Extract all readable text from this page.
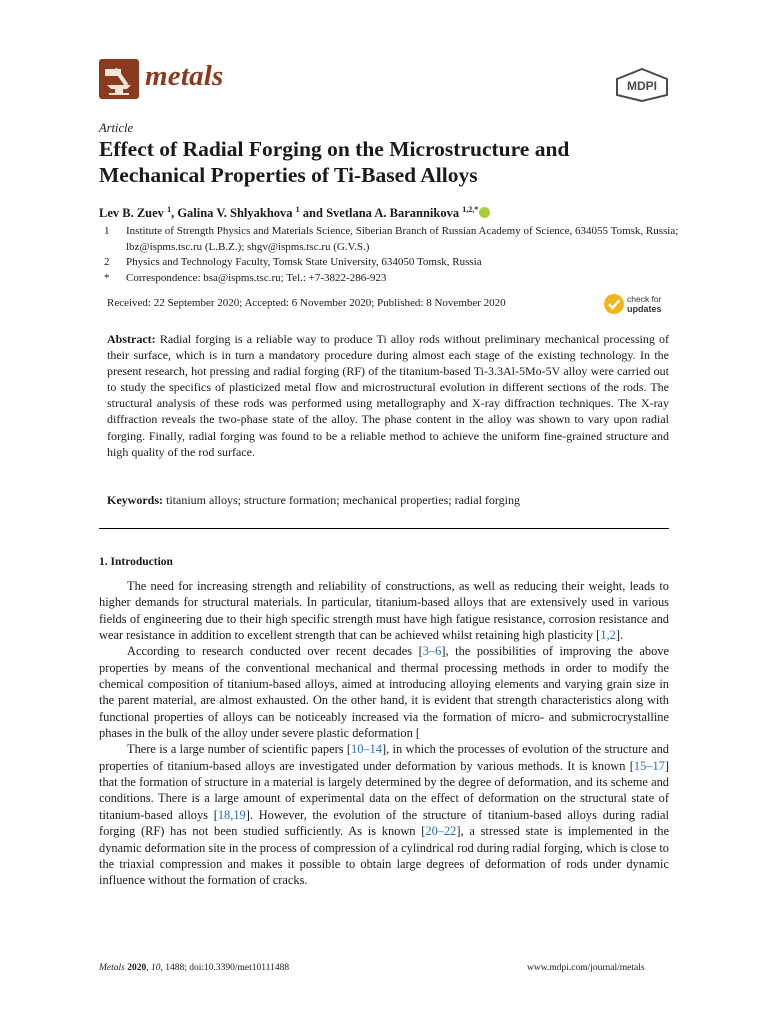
metals	MDPI
Article
Effect of Radial Forging on the Microstructure and Mechanical Properties of Ti-Based Alloys
Lev B. Zuev $^1$, Galina V. Shlyakhova $^1$ and Svetlana A. Barannikova $^{1,2,*}$
1	Institute of Strength Physics and Materials Science, Siberian Branch of Russian Academy of Science, 634055 Tomsk, Russia; lbz@ispms.tsc.ru (L.B.Z.); shgv@ispms.tsc.ru (G.V.S.)
2	Physics and Technology Faculty, Tomsk State University, 634050 Tomsk, Russia
*	Correspondence: bsa@ispms.tsc.ru; Tel.: +7-3822-286-923
Received: 22 September 2020; Accepted: 6 November 2020; Published: 8 November 2020	check for
updates
Abstract: Radial forging is a reliable way to produce Ti alloy rods without preliminary mechanical processing of their surface, which is in turn a mandatory procedure during almost each stage of the existing technology. In the present research, hot pressing and radial forging (RF) of the titanium-based Ti-3.3Al-5Mo-5V alloy were carried out to study the specifics of plasticized metal flow and microstructural evolution in different sections of the rods. The structural analysis of these rods was performed using metallography and X-ray diffraction techniques. The X-ray diffraction reveals the two-phase state of the alloy. The phase content in the alloy was shown to vary upon radial forging. Finally, radial forging was found to be a reliable method to achieve the uniform fine-grained structure and high quality of the rod surface.
Keywords: titanium alloys; structure formation; mechanical properties; radial forging
1. Introduction

The need for increasing strength and reliability of constructions, as well as reducing their weight, leads to higher demands for structural materials. In particular, titanium-based alloys that are extensively used in various fields of engineering due to their high specific strength must have high fatigue resistance, corrosion resistance and wear resistance in addition to excellent strength that can be achieved whilst retaining high plasticity [1,2].

According to research conducted over recent decades [3–6], the possibilities of improving the above properties by means of the conventional mechanical and thermal processing methods in order to modify the chemical composition of titanium-based alloys, aimed at introducing alloying elements and varying grain size in the parent material, are almost exhausted. On the other hand, it is evident that strength characteristics along with functional properties of alloys can be noticeably increased via the formation of micro- and submicrocrystalline phases in the bulk of the alloy under severe plastic deformation [

There is a large number of scientific papers [10–14], in which the processes of evolution of the structure and properties of titanium-based alloys are investigated under deformation by various methods. It is known [15–17] that the formation of structure in a material is largely determined by the degree of deformation, and its scheme and conditions. There is a large amount of experimental data on the effect of deformation on the structural state of titanium-based alloys [18,19]. However, the evolution of the structure of titanium-based alloys during radial forging (RF) has not been studied sufficiently. As is known [20–22], a stressed state is implemented in the dynamic deformation site in the process of compression of a cylindrical rod during radial forging, which is close to the triaxial compression and makes it possible to obtain large degrees of deformation of rods under dynamic influence without the formation of cracks.

Metals 2020, 10, 1488; doi:10.3390/met10111488	www.mdpi.com/journal/metals
